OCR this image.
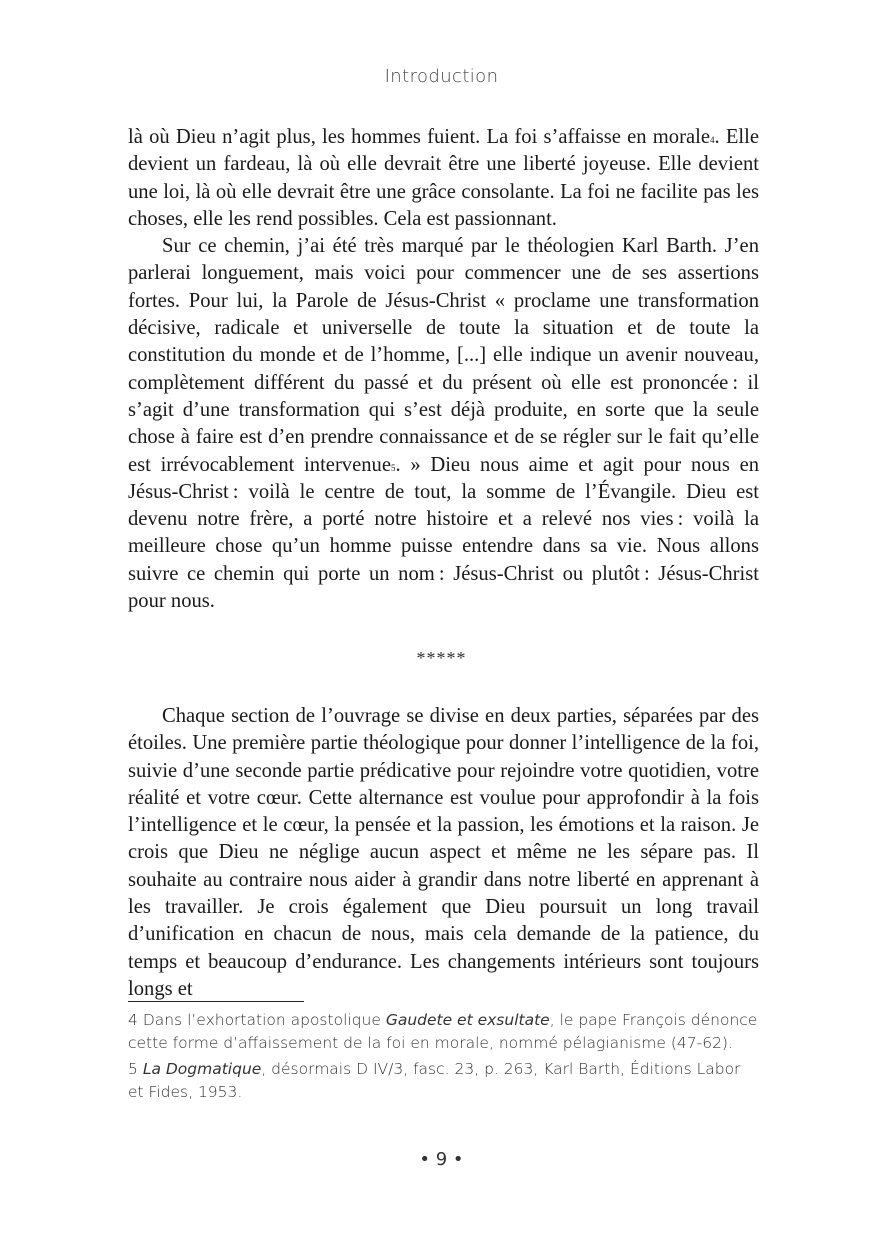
Introduction

là où Dieu n’agit plus, les hommes fuient. La foi s’affaisse en morale$^4$. Elle devient un fardeau, là où elle devrait être une liberté joyeuse. Elle devient une loi, là où elle devrait être une grâce consolante. La foi ne facilite pas les choses, elle les rend possibles. Cela est passionnant.

Sur ce chemin, j’ai été très marqué par le théologien Karl Barth. J’en parlerai longuement, mais voici pour commencer une de ses assertions fortes. Pour lui, la Parole de Jésus-Christ « proclame une transformation décisive, radicale et universelle de toute la situation et de toute la constitution du monde et de l’homme, [...] elle indique un avenir nouveau, complètement différent du passé et du présent où elle est prononcée : il s’agit d’une transformation qui s’est déjà produite, en sorte que la seule chose à faire est d’en prendre connaissance et de se régler sur le fait qu’elle est irrévocablement intervenue$^5$. » Dieu nous aime et agit pour nous en Jésus-Christ : voilà le centre de tout, la somme de l’Évangile. Dieu est devenu notre frère, a porté notre histoire et a relevé nos vies : voilà la meilleure chose qu’un homme puisse entendre dans sa vie. Nous allons suivre ce chemin qui porte un nom : Jésus-Christ ou plutôt : Jésus-Christ pour nous.

*****

Chaque section de l’ouvrage se divise en deux parties, séparées par des étoiles. Une première partie théologique pour donner l’intelligence de la foi, suivie d’une seconde partie prédicative pour rejoindre votre quotidien, votre réalité et votre cœur. Cette alternance est voulue pour approfondir à la fois l’intelligence et le cœur, la pensée et la passion, les émotions et la raison. Je crois que Dieu ne néglige aucun aspect et même ne les sépare pas. Il souhaite au contraire nous aider à grandir dans notre liberté en apprenant à les travailler. Je crois également que Dieu poursuit un long travail d’unification en chacun de nous, mais cela demande de la patience, du temps et beaucoup d’endurance. Les changements intérieurs sont toujours longs et

4 Dans l’exhortation apostolique Gaudete et exsultate, le pape François dénonce cette forme d’affaissement de la foi en morale, nommé pélagianisme (47-62).

5 La Dogmatique, désormais D IV/3, fasc. 23, p. 263, Karl Barth, Éditions Labor et Fides, 1953.

• 9 •
